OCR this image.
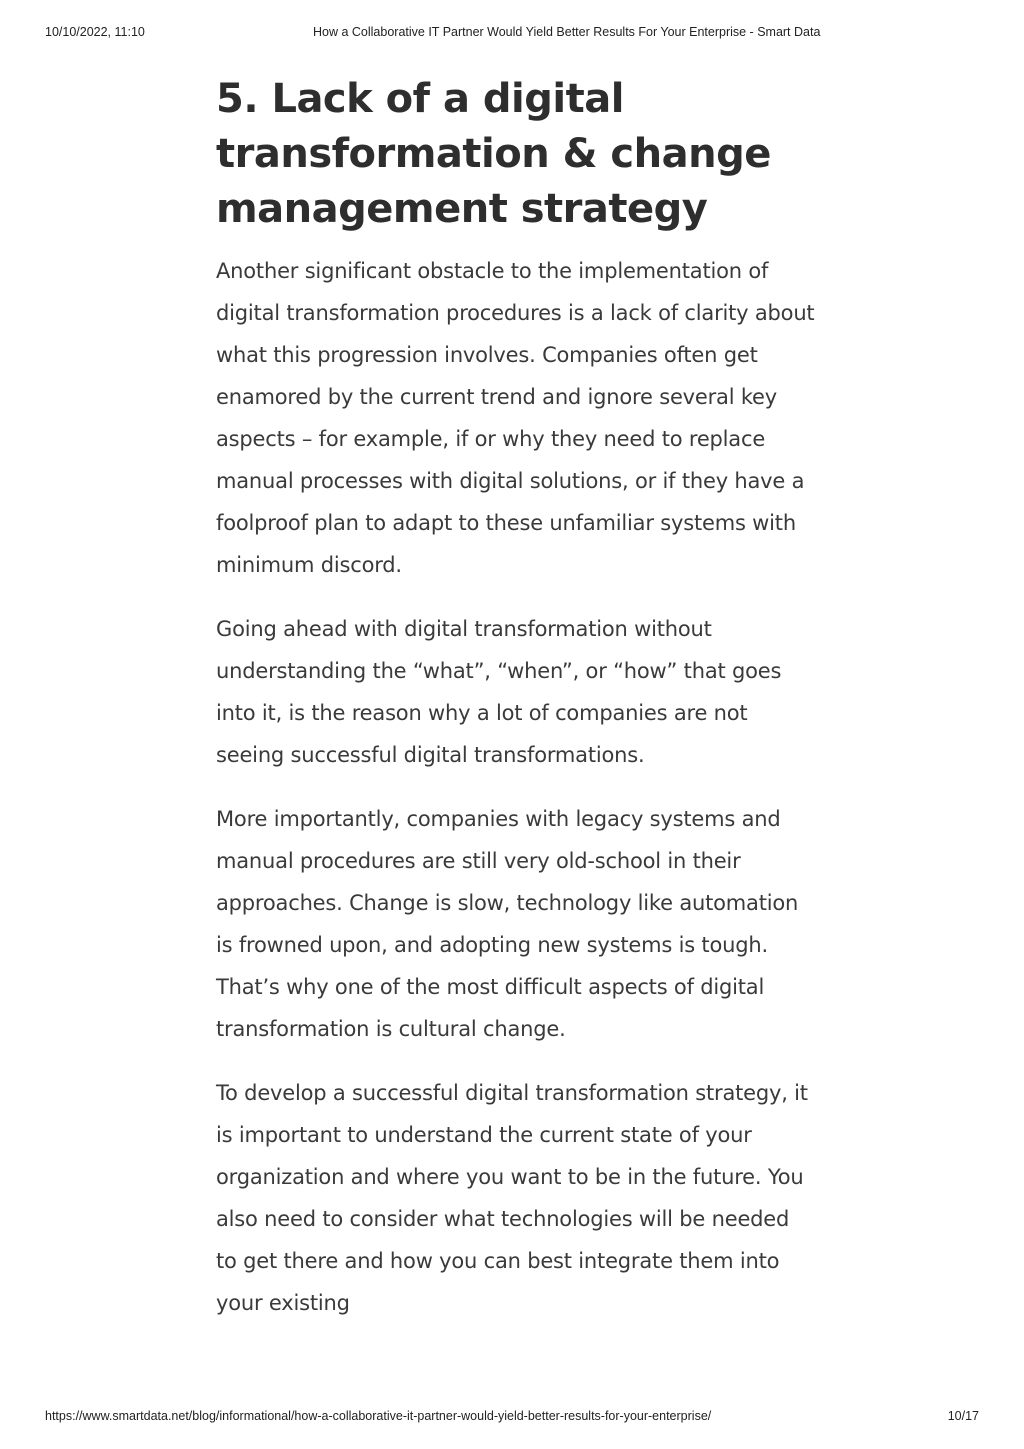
10/10/2022, 11:10	How a Collaborative IT Partner Would Yield Better Results For Your Enterprise - Smart Data
5. Lack of a digital transformation & change management strategy

Another significant obstacle to the implementation of digital transformation procedures is a lack of clarity about what this progression involves. Companies often get enamored by the current trend and ignore several key aspects – for example, if or why they need to replace manual processes with digital solutions, or if they have a foolproof plan to adapt to these unfamiliar systems with minimum discord.

Going ahead with digital transformation without understanding the “what”, “when”, or “how” that goes into it, is the reason why a lot of companies are not seeing successful digital transformations.

More importantly, companies with legacy systems and manual procedures are still very old-school in their approaches. Change is slow, technology like automation is frowned upon, and adopting new systems is tough. That’s why one of the most difficult aspects of digital transformation is cultural change.

To develop a successful digital transformation strategy, it is important to understand the current state of your organization and where you want to be in the future. You also need to consider what technologies will be needed to get there and how you can best integrate them into your existing

https://www.smartdata.net/blog/informational/how-a-collaborative-it-partner-would-yield-better-results-for-your-enterprise/	10/17
